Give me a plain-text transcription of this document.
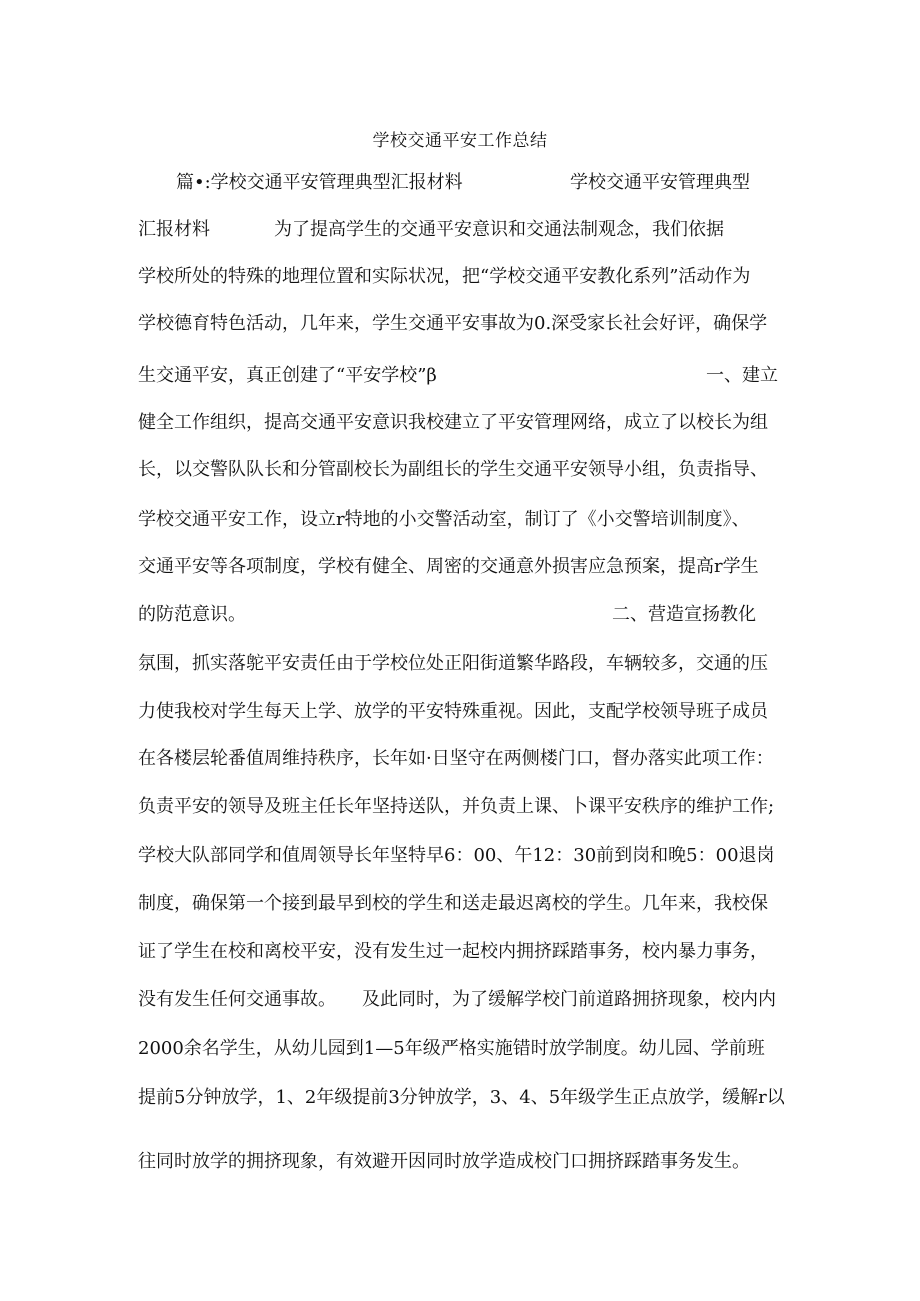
学校交通平安工作总结
篇•:学校交通平安管理典型汇报材料	学校交通平安管理典型
汇报材料	为了提高学生的交通平安意识和交通法制观念，我们依据
学校所处的特殊的地理位置和实际状况，把“学校交通平安教化系列”活动作为
学校德育特色活动，几年来，学生交通平安事故为0.深受家长社会好评，确保学
生交通平安，真正创建了“平安学校”β	一、建立
健全工作组织，提高交通平安意识我校建立了平安管理网络，成立了以校长为组
长，以交警队队长和分管副校长为副组长的学生交通平安领导小组，负责指导、
学校交通平安工作，设立r特地的小交警活动室，制订了《小交警培训制度》、
交通平安等各项制度，学校有健全、周密的交通意外损害应急预案，提高r学生
的防范意识。	二、营造宣扬教化
氛围，抓实落鸵平安责任由于学校位处正阳街道繁华路段，车辆较多，交通的压
力使我校对学生每天上学、放学的平安特殊重视。因此，支配学校领导班子成员
在各楼层轮番值周维持秩序，长年如·日坚守在两侧楼门口，督办落实此项工作：
负责平安的领导及班主任长年坚持送队，并负责上课、卜课平安秩序的维护工作;
学校大队部同学和值周领导长年坚特早6：00、午12：30前到岗和晚5：00退岗
制度，确保第一个接到最早到校的学生和送走最迟离校的学生。几年来，我校保
证了学生在校和离校平安，没有发生过一起校内拥挤踩踏事务，校内暴力事务，
没有发生任何交通事故。 及此同时，为了缓解学校门前道路拥挤现象，校内内
2000余名学生，从幼儿园到1—5年级严格实施错时放学制度。幼儿园、学前班
提前5分钟放学，1、2年级提前3分钟放学，3、4、5年级学生正点放学，缓解r以
往同时放学的拥挤现象，有效避开因同时放学造成校门口拥挤踩踏事务发生。
